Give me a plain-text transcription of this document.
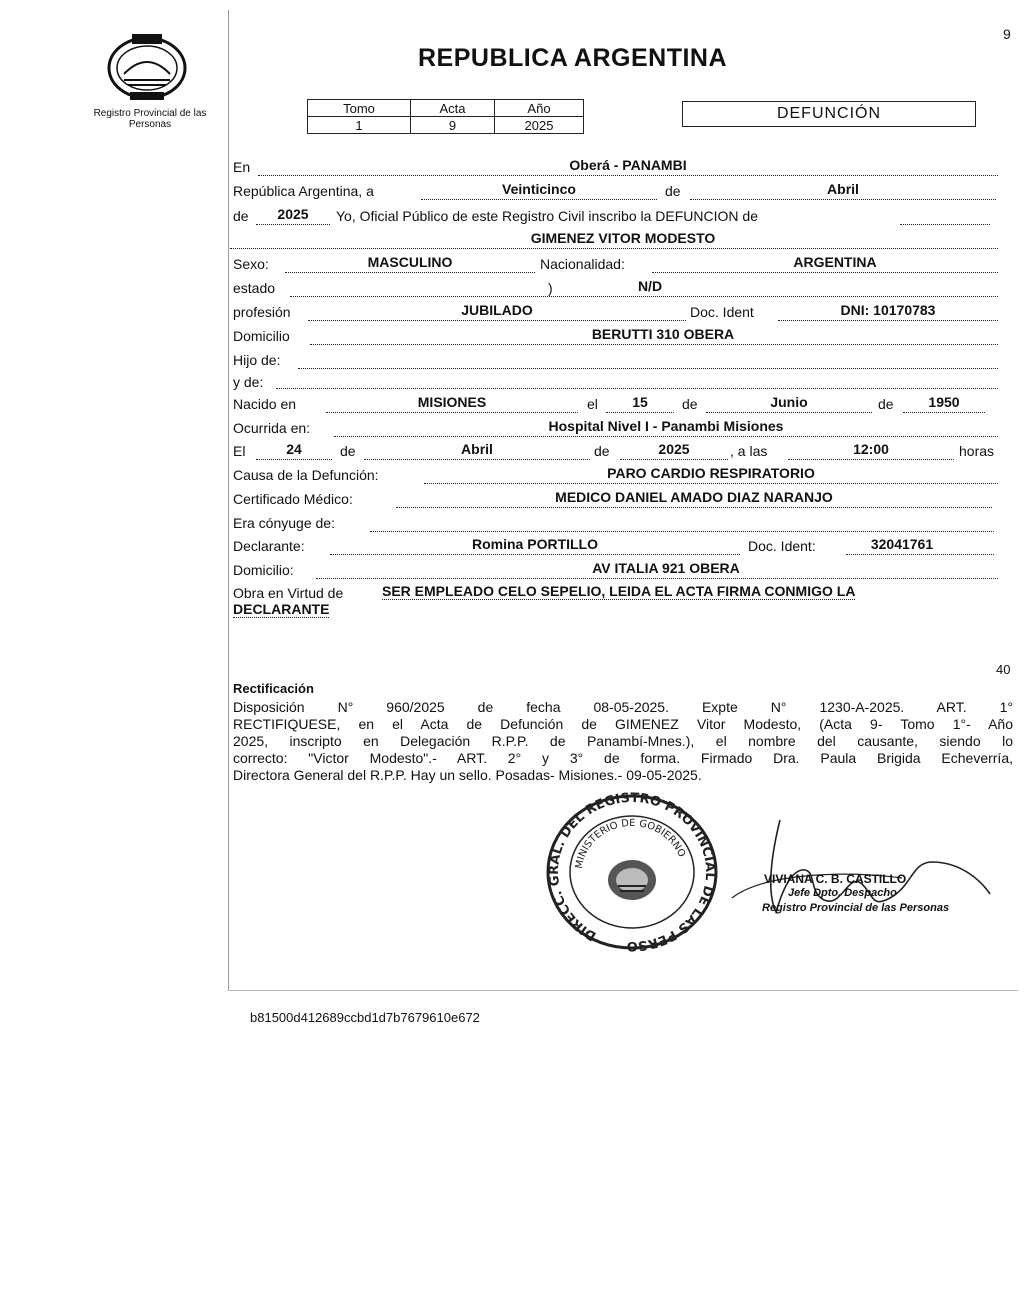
9
Registro Provincial de las Personas
REPUBLICA ARGENTINA
Tomo	Acta	Año
1	9	2025
DEFUNCIÓN
En	Oberá - PANAMBI
República Argentina, a	Veinticinco	de	Abril
de	2025	Yo, Oficial Público de este Registro Civil inscribo la DEFUNCION de
GIMENEZ VITOR MODESTO
Sexo:	MASCULINO	Nacionalidad:	ARGENTINA
estado	)	N/D
profesión	JUBILADO	Doc. Ident	DNI: 10170783
Domicilio	BERUTTI 310 OBERA
Hijo de:
y de:
Nacido en	MISIONES	el	15	de	Junio	de	1950
Ocurrida en:	Hospital Nivel I - Panambi Misiones
El	24	de	Abril	de	2025	, a las	12:00	horas
Causa de la Defunción:	PARO CARDIO RESPIRATORIO
Certificado Médico:	MEDICO DANIEL AMADO DIAZ NARANJO
Era cónyuge de:
Declarante:	Romina PORTILLO	Doc. Ident:	32041761
Domicilio:	AV ITALIA 921 OBERA
Obra en Virtud de	SER EMPLEADO CELO SEPELIO, LEIDA EL ACTA FIRMA CONMIGO LA
DECLARANTE
40
Rectificación
Disposición N° 960/2025 de fecha 08-05-2025. Expte N° 1230-A-2025. ART. 1°
RECTIFIQUESE, en el Acta de Defunción de GIMENEZ Vitor Modesto, (Acta 9- Tomo 1°- Año
2025, inscripto en Delegación R.P.P. de Panambí-Mnes.), el nombre del causante, siendo lo
correcto: "Victor Modesto".- ART. 2° y 3° de forma. Firmado Dra. Paula Brigida Echeverría,
Directora General del R.P.P. Hay un sello. Posadas- Misiones.- 09-05-2025.
DIRECC. GRAL. DEL REGISTRO PROVINCIAL DE LAS PERSO
MINISTERIO DE GOBIERNO
VIVIANA C. B. CASTILLO
Jefe Dpto. Despacho
Registro Provincial de las Personas
b81500d412689ccbd1d7b7679610e672
